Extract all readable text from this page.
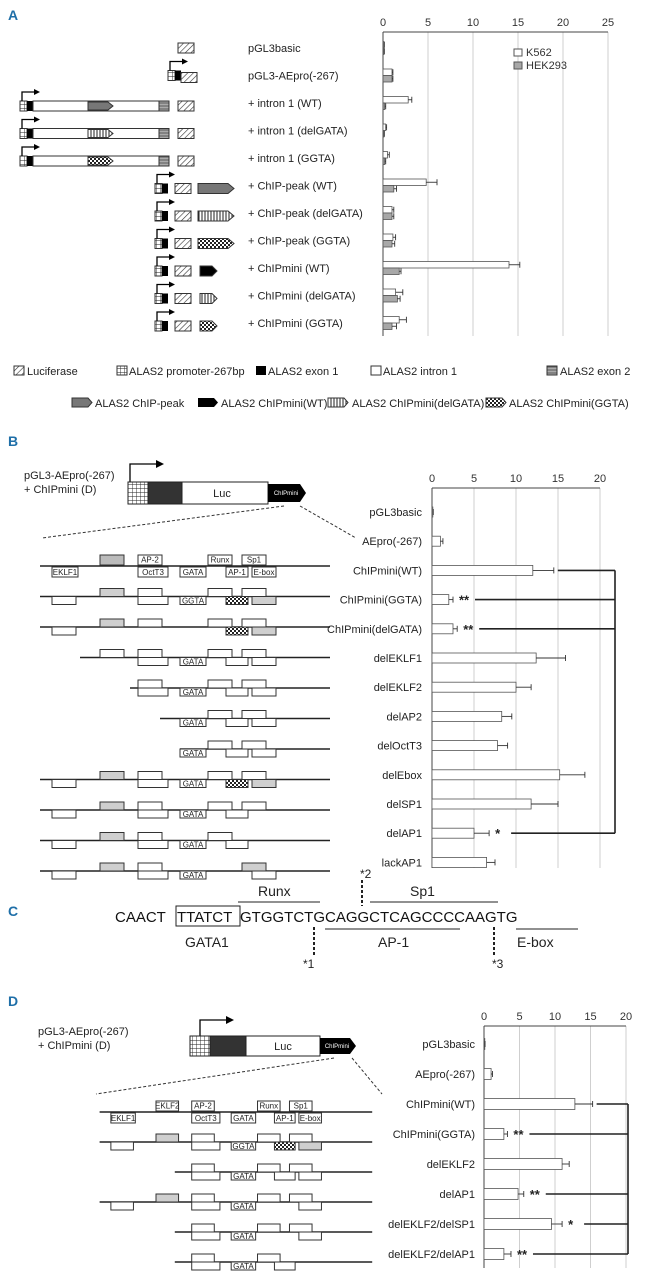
A
B
C
D
0	5	10	15	20	25
pGL3basic
pGL3-AEpro(-267)
+ intron 1 (WT)
+ intron 1 (delGATA)
+ intron 1 (GGTA)
+ ChIP-peak (WT)
+ ChIP-peak (delGATA)
+ ChIP-peak (GGTA)
+ ChIPmini (WT)
+ ChIPmini (delGATA)
+ ChIPmini (GGTA)
K562
HEK293
Luciferase	ALAS2 promoter-267bp ALAS2 exon 1	ALAS2 intron 1	ALAS2 exon 2
ALAS2 ChIP-peak	ALAS2 ChIPmini(WT) ALAS2 ChIPmini(delGATA) ALAS2 ChIPmini(GGTA)
pGL3-AEpro(-267)
+ ChIPmini (D)	Luc	ChIPmini
AP-2	Runx Sp1
EKLF1	OctT3 GATA	AP-1 E-box
GGTA
GATA
GATA
GATA
GATA
GATA
GATA
GATA
GATA
0	5	10	15	20
pGL3basic
AEpro(-267)
ChIPmini(WT)
ChIPmini(GGTA)
ChIPmini(delGATA)
delEKLF1
delEKLF2
delAP2
delOctT3
delEbox
delSP1
delAP1
lackAP1
**
**
*
CAACT TTATCT GTGGTCTGCAGGCTCAGCCCCAAGTG
Runx	Sp1
AP-1	E-box
GATA1
*1
*2
*3
pGL3-AEpro(-267)
+ ChIPmini (D)	Luc	ChIPmini
EKLF2 AP-2	Runx Sp1
EKLF1	OctT3 GATA	AP-1 E-box
GGTA
GATA
GATA
GATA
GATA
0	5 10 15 20
pGL3basic
AEpro(-267)
ChIPmini(WT)
ChIPmini(GGTA)
delEKLF2
delAP1
delEKLF2/delSP1
delEKLF2/delAP1
**
**
*
**
